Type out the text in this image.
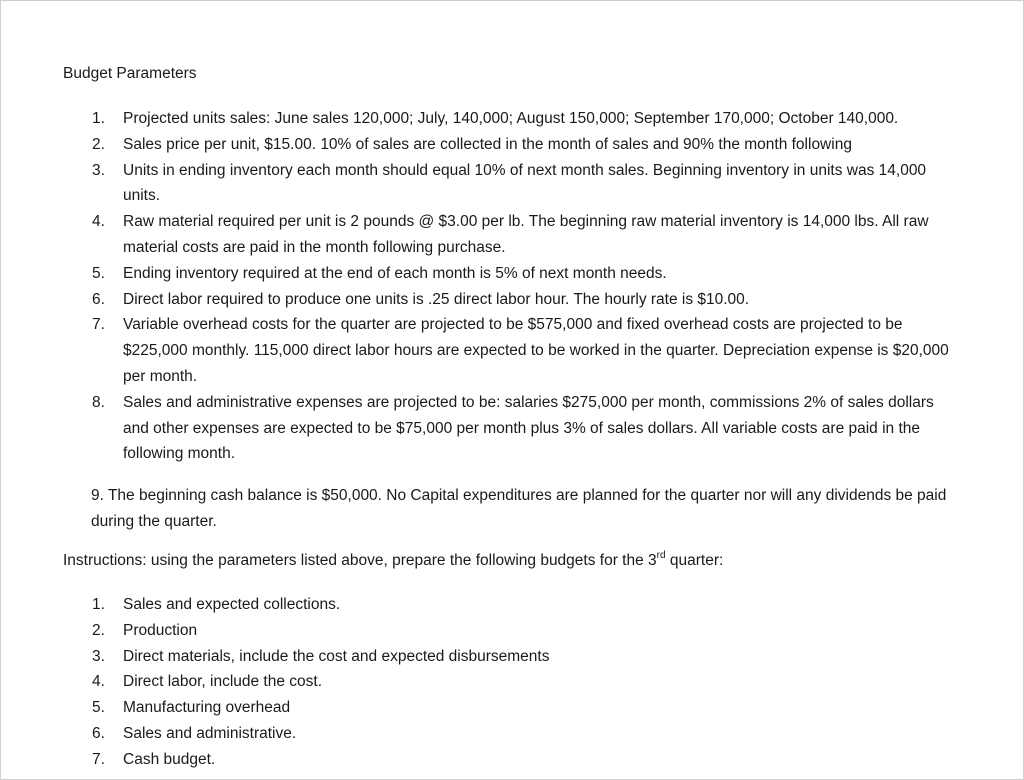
Budget Parameters
1. Projected units sales: June sales 120,000; July, 140,000; August 150,000; September 170,000; October 140,000.
2. Sales price per unit, $15.00. 10% of sales are collected in the month of sales and 90% the month following
3. Units in ending inventory each month should equal 10% of next month sales. Beginning inventory in units was 14,000 units.
4. Raw material required per unit is 2 pounds @ $3.00 per lb. The beginning raw material inventory is 14,000 lbs. All raw material costs are paid in the month following purchase.
5. Ending inventory required at the end of each month is 5% of next month needs.
6. Direct labor required to produce one units is .25 direct labor hour. The hourly rate is $10.00.
7. Variable overhead costs for the quarter are projected to be $575,000 and fixed overhead costs are projected to be $225,000 monthly. 115,000 direct labor hours are expected to be worked in the quarter. Depreciation expense is $20,000 per month.
8. Sales and administrative expenses are projected to be: salaries $275,000 per month, commissions 2% of sales dollars and other expenses are expected to be $75,000 per month plus 3% of sales dollars. All variable costs are paid in the following month.
9. The beginning cash balance is $50,000. No Capital expenditures are planned for the quarter nor will any dividends be paid during the quarter.
Instructions: using the parameters listed above, prepare the following budgets for the 3rd quarter:
1. Sales and expected collections.
2. Production
3. Direct materials, include the cost and expected disbursements
4. Direct labor, include the cost.
5. Manufacturing overhead
6. Sales and administrative.
7. Cash budget.
